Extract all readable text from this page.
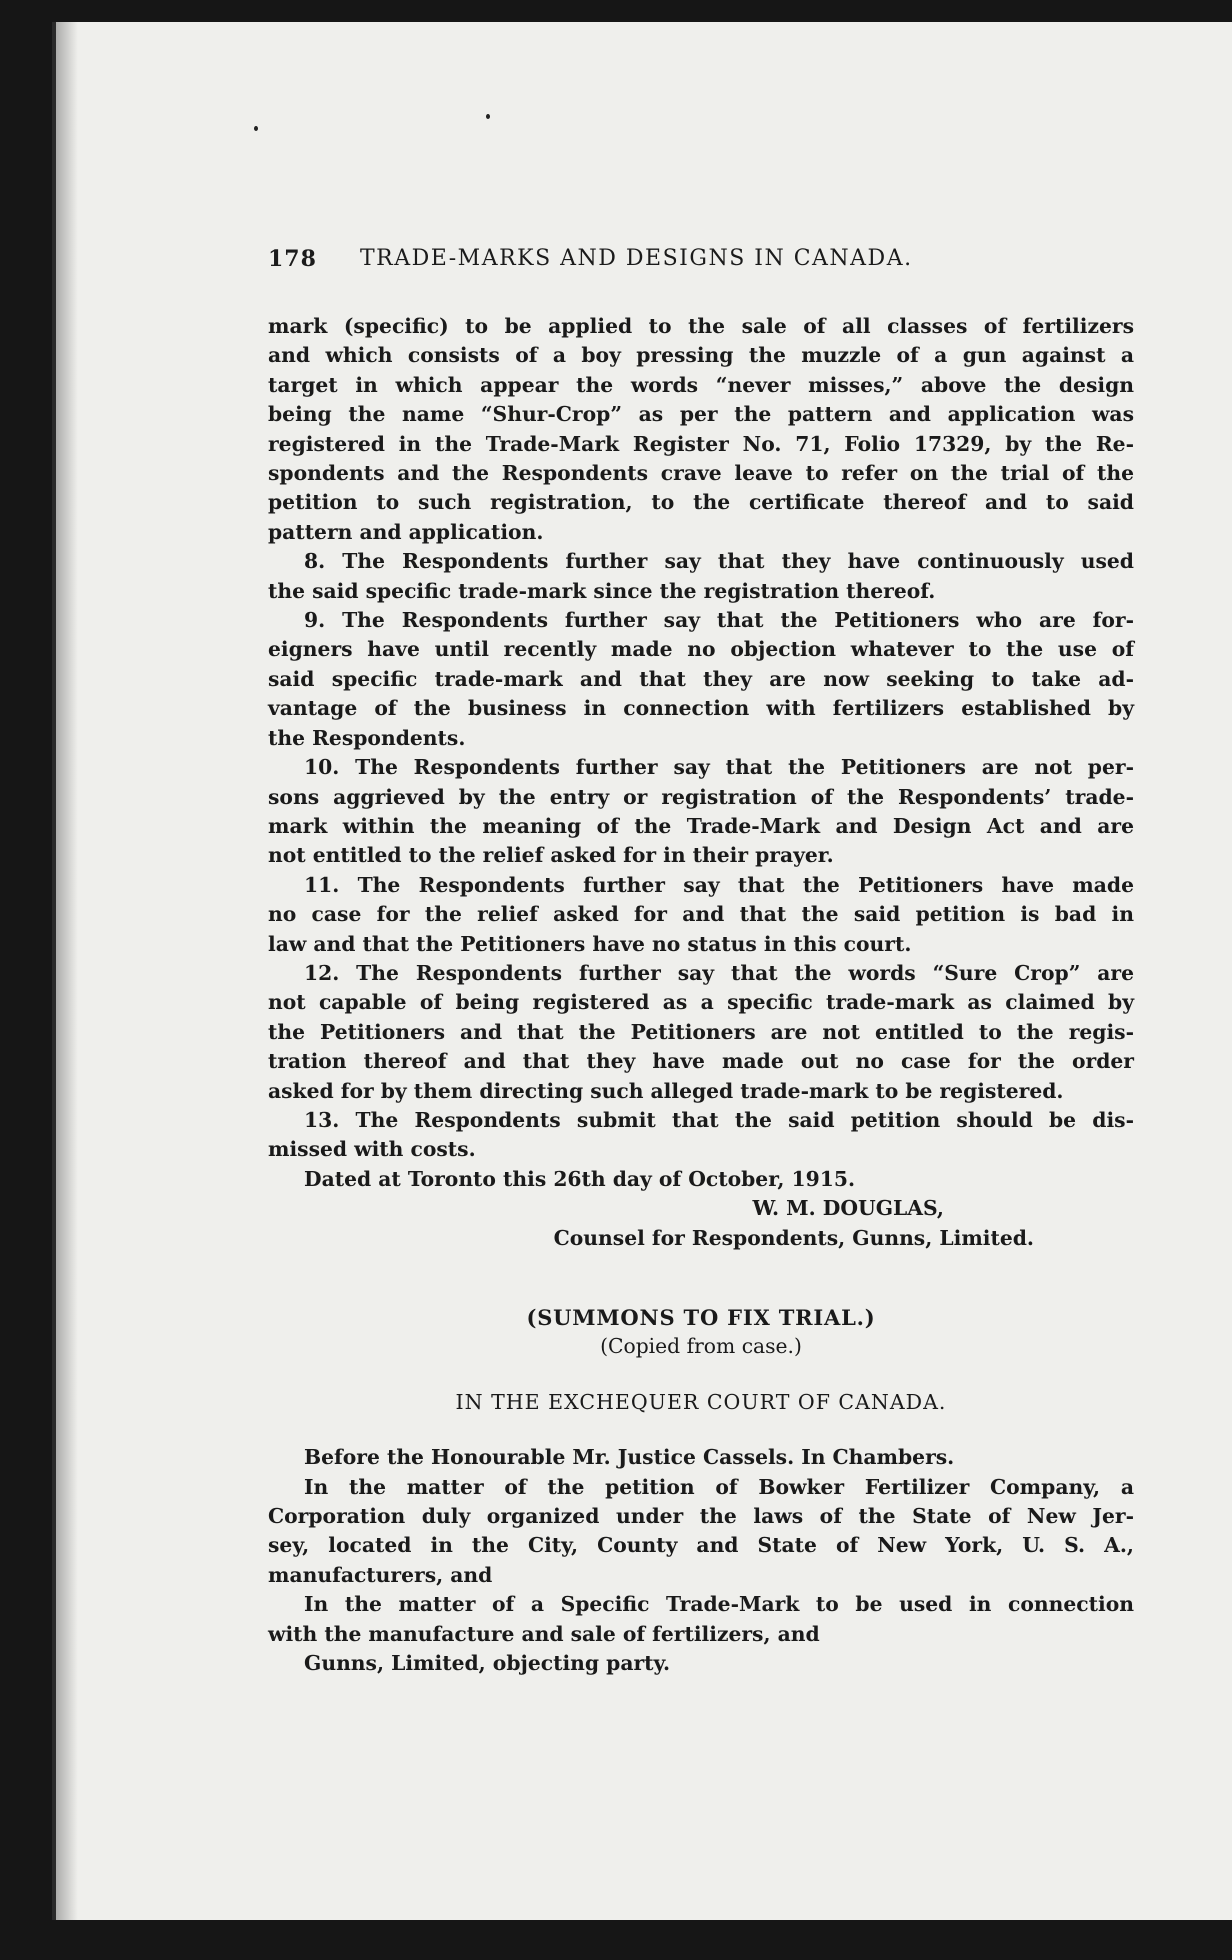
178 TRADE-MARKS AND DESIGNS IN CANADA.
mark (specific) to be applied to the sale of all classes of fertilizers
and which consists of a boy pressing the muzzle of a gun against a
target in which appear the words “never misses,” above the design
being the name “Shur-Crop” as per the pattern and application was
registered in the Trade-Mark Register No. 71, Folio 17329, by the Re-
spondents and the Respondents crave leave to refer on the trial of the
petition to such registration, to the certificate thereof and to said
pattern and application.
8. The Respondents further say that they have continuously used
the said specific trade-mark since the registration thereof.
9. The Respondents further say that the Petitioners who are for-
eigners have until recently made no objection whatever to the use of
said specific trade-mark and that they are now seeking to take ad-
vantage of the business in connection with fertilizers established by
the Respondents.
10. The Respondents further say that the Petitioners are not per-
sons aggrieved by the entry or registration of the Respondents’ trade-
mark within the meaning of the Trade-Mark and Design Act and are
not entitled to the relief asked for in their prayer.
11. The Respondents further say that the Petitioners have made
no case for the relief asked for and that the said petition is bad in
law and that the Petitioners have no status in this court.
12. The Respondents further say that the words “Sure Crop” are
not capable of being registered as a specific trade-mark as claimed by
the Petitioners and that the Petitioners are not entitled to the regis-
tration thereof and that they have made out no case for the order
asked for by them directing such alleged trade-mark to be registered.
13. The Respondents submit that the said petition should be dis-
missed with costs.
Dated at Toronto this 26th day of October, 1915.
W. M. DOUGLAS,
Counsel for Respondents, Gunns, Limited.
(SUMMONS TO FIX TRIAL.)
(Copied from case.)
IN THE EXCHEQUER COURT OF CANADA.
Before the Honourable Mr. Justice Cassels. In Chambers.
In the matter of the petition of Bowker Fertilizer Company, a
Corporation duly organized under the laws of the State of New Jer-
sey, located in the City, County and State of New York, U. S. A.,
manufacturers, and
In the matter of a Specific Trade-Mark to be used in connection
with the manufacture and sale of fertilizers, and
Gunns, Limited, objecting party.
